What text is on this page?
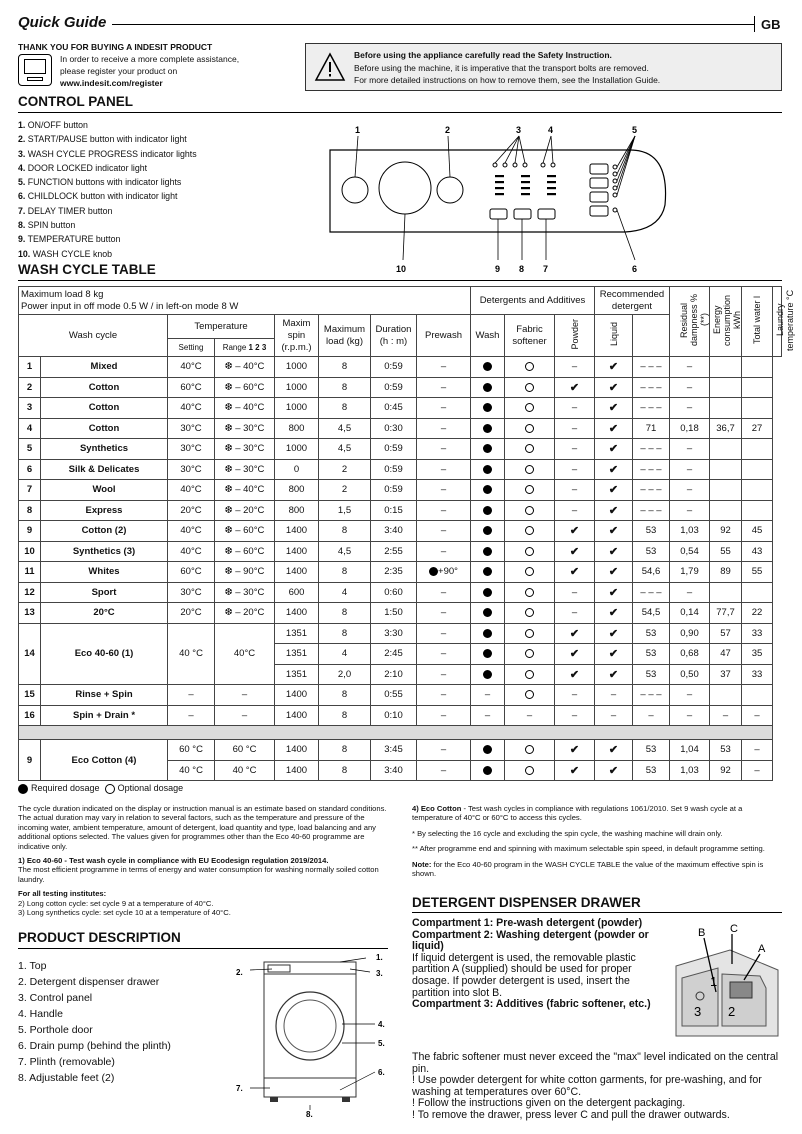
Quick Guide	GB
THANK YOU FOR BUYING A INDESIT PRODUCT
In order to receive a more complete assistance,
please register your product on
www.indesit.com/register
Before using the appliance carefully read the Safety Instruction.
Before using the machine, it is imperative that the transport bolts are removed.
For more detailed instructions on how to remove them, see the Installation Guide.
CONTROL PANEL
1. ON/OFF button
2. START/PAUSE button with indicator light
3. WASH CYCLE PROGRESS indicator lights
4. DOOR LOCKED indicator light
5. FUNCTION buttons with indicator lights
6. CHILDLOCK button with indicator light
7. DELAY TIMER button
8. SPIN button
9. TEMPERATURE button
10. WASH CYCLE knob
1	2	3	4	5
6
7
8
9
10
WASH CYCLE TABLE
Maximum load 8 kg
Power input in off mode 0.5 W / in left-on mode 8 W								Detergents and Additives			Recommended detergent		Residual dampness % (**)	Energy consumption kWh	Total water l	Laundry temperature °C
Wash cycle		Temperature		Maxim spin (r.p.m.)	Maximum load (kg)	Duration (h : m)	Prewash	Wash	Fabric softener	Powder	Liquid					
		Setting	Range 1 2 3													
1	Mixed	40°C	❆ – 40°C	1000	8	0:59	–			–	✔	– – –	–			
2	Cotton	60°C	❆ – 60°C	1000	8	0:59	–			✔	✔	– – –	–			
3	Cotton	40°C	❆ – 40°C	1000	8	0:45	–			–	✔	– – –	–			
4	Cotton	30°C	❆ – 30°C	800	4,5	0:30	–			–	✔	71	0,18	36,7	27	
5	Synthetics	30°C	❆ – 30°C	1000	4,5	0:59	–			–	✔	– – –	–			
6	Silk & Delicates	30°C	❆ – 30°C	0	2	0:59	–			–	✔	– – –	–			
7	Wool	40°C	❆ – 40°C	800	2	0:59	–			–	✔	– – –	–			
8	Express	20°C	❆ – 20°C	800	1,5	0:15	–			–	✔	– – –	–			
9	Cotton (2)	40°C	❆ – 60°C	1400	8	3:40	–			✔	✔	53	1,03	92	45	
10	Synthetics (3)	40°C	❆ – 60°C	1400	4,5	2:55	–			✔	✔	53	0,54	55	43	
11	Whites	60°C	❆ – 90°C	1400	8	2:35	+90°			✔	✔	54,6	1,79	89	55	
12	Sport	30°C	❆ – 30°C	600	4	0:60	–			–	✔	– – –	–			
13	20°C	20°C	❆ – 20°C	1400	8	1:50	–			–	✔	54,5	0,14	77,7	22	
14	Eco 40-60 (1)	40 °C	40°C	1351	8	3:30	–			✔	✔	53	0,90	57	33	
				1351	4	2:45	–			✔	✔	53	0,68	47	35	
				1351	2,0	2:10	–			✔	✔	53	0,50	37	33	
15	Rinse + Spin	–	–	1400	8	0:55	–	–		–	–	– – –	–			
16	Spin + Drain *	–	–	1400	8	0:10	–	–	–	–	–	–	–	–	–	

9	Eco Cotton (4)	60 °C	60 °C	1400	8	3:45	–			✔	✔	53	1,04	53	–	
		40 °C	40 °C	1400	8	3:40	–			✔	✔	53	1,03	92	–	
Required dosage Optional dosage

The cycle duration indicated on the display or instruction manual is an estimate based on standard conditions. The actual duration may vary in relation to several factors, such as the temperature and pressure of the incoming water, ambient temperature, amount of detergent, load quantity and type, load balancing and any additional options selected. The values given for programmes other than the Eco 40-60 programme are indicative only.

1) Eco 40-60 - Test wash cycle in compliance with EU Ecodesign regulation 2019/2014.
The most efficient programme in terms of energy and water consumption for washing normally soiled cotton laundry.

For all testing institutes:
2) Long cotton cycle: set cycle 9 at a temperature of 40°C.
3) Long synthetics cycle: set cycle 10 at a temperature of 40°C.

4) Eco Cotton - Test wash cycles in compliance with regulations 1061/2010. Set 9 wash cycle at a temperature of 40°C or 60°C to access this cycles.

* By selecting the 16 cycle and excluding the spin cycle, the washing machine will drain only.

** After programme end and spinning with maximum selectable spin speed, in default programme setting.

Note: for the Eco 40-60 program in the WASH CYCLE TABLE the value of the maximum effective spin is shown.

DETERGENT DISPENSER DRAWER
Compartment 1: Pre-wash detergent (powder)
Compartment 2: Washing detergent (powder or liquid)
If liquid detergent is used, the removable plastic partition A (supplied) should be used for proper dosage. If powder detergent is used, insert the partition into slot B.
Compartment 3: Additives (fabric softener, etc.)
The fabric softener must never exceed the "max" level indicated on the central pin.
! Use powder detergent for white cotton garments, for pre-washing, and for washing at temperatures over 60°C.
! Follow the instructions given on the detergent packaging.
! To remove the drawer, press lever C and pull the drawer outwards.
B C
A
1
2
3
PRODUCT DESCRIPTION
1. Top
2. Detergent dispenser drawer
3. Control panel
4. Handle
5. Porthole door
6. Drain pump (behind the plinth)
7. Plinth (removable)
8. Adjustable feet (2)
1.
2.	3.
4.
5.
6.
7.
8.
